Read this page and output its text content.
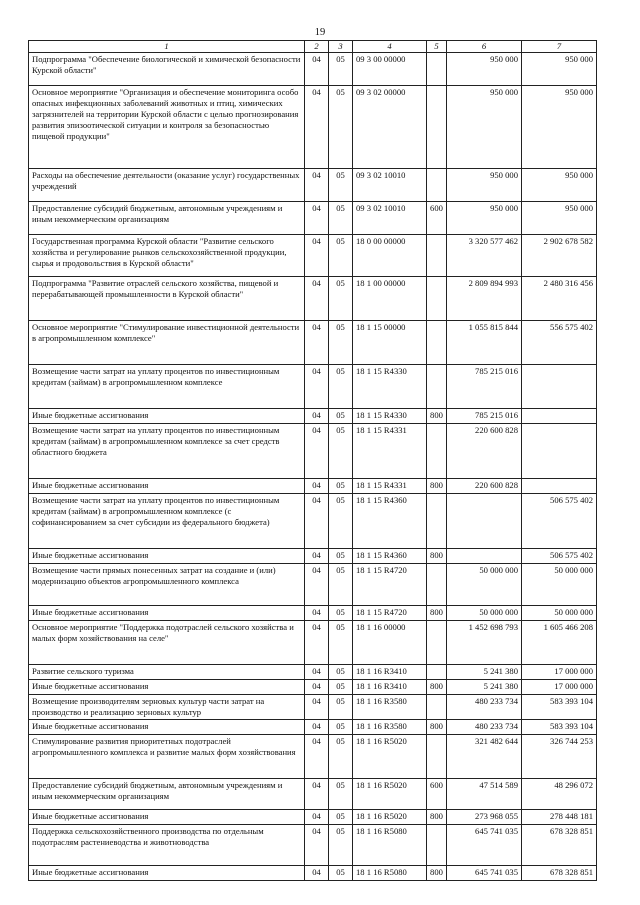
19
1	2	3	4	5	6	7
Подпрограмма "Обеспечение биологической и химической безопасности Курской области"	04	05	09 3 00 00000		950 000	950 000
Основное мероприятие "Организация и обеспечение мониторинга особо опасных инфекционных заболеваний животных и птиц, химических загрязнителей на территории Курской области с целью прогнозирования развития эпизоотической ситуации и контроля за безопасностью пищевой продукции"	04	05	09 3 02 00000		950 000	950 000
Расходы на обеспечение деятельности (оказание услуг) государственных учреждений	04	05	09 3 02 10010		950 000	950 000
Предоставление субсидий бюджетным, автономным учреждениям и иным некоммерческим организациям	04	05	09 3 02 10010	600	950 000	950 000
Государственная программа Курской области "Развитие сельского хозяйства и регулирование рынков сельскохозяйственной продукции, сырья и продовольствия в Курской области"	04	05	18 0 00 00000		3 320 577 462	2 902 678 582
Подпрограмма "Развитие отраслей сельского хозяйства, пищевой и перерабатывающей промышленности в Курской области"	04	05	18 1 00 00000		2 809 894 993	2 480 316 456
Основное мероприятие "Стимулирование инвестиционной деятельности в агропромышленном комплексе"	04	05	18 1 15 00000		1 055 815 844	556 575 402
Возмещение части затрат на уплату процентов по инвестиционным кредитам (займам) в агропромышленном комплексе	04	05	18 1 15 R4330		785 215 016	
Иные бюджетные ассигнования	04	05	18 1 15 R4330	800	785 215 016	
Возмещение части затрат на уплату процентов по инвестиционным кредитам (займам) в агропромышленном комплексе за счет средств областного бюджета	04	05	18 1 15 R4331		220 600 828	
Иные бюджетные ассигнования	04	05	18 1 15 R4331	800	220 600 828	
Возмещение части затрат на уплату процентов по инвестиционным кредитам (займам) в агропромышленном комплексе (с софинансированием за счет субсидии из федерального бюджета)	04	05	18 1 15 R4360			506 575 402
Иные бюджетные ассигнования	04	05	18 1 15 R4360	800		506 575 402
Возмещение части прямых понесенных затрат на создание и (или) модернизацию объектов агропромышленного комплекса	04	05	18 1 15 R4720		50 000 000	50 000 000
Иные бюджетные ассигнования	04	05	18 1 15 R4720	800	50 000 000	50 000 000
Основное мероприятие "Поддержка подотраслей сельского хозяйства и малых форм хозяйствования на селе"	04	05	18 1 16 00000		1 452 698 793	1 605 466 208
Развитие сельского туризма	04	05	18 1 16 R3410		5 241 380	17 000 000
Иные бюджетные ассигнования	04	05	18 1 16 R3410	800	5 241 380	17 000 000
Возмещение производителям зерновых культур части затрат на производство и реализацию зерновых культур	04	05	18 1 16 R3580		480 233 734	583 393 104
Иные бюджетные ассигнования	04	05	18 1 16 R3580	800	480 233 734	583 393 104
Стимулирование развития приоритетных подотраслей агропромышленного комплекса и развитие малых форм хозяйствования	04	05	18 1 16 R5020		321 482 644	326 744 253
Предоставление субсидий бюджетным, автономным учреждениям и иным некоммерческим организациям	04	05	18 1 16 R5020	600	47 514 589	48 296 072
Иные бюджетные ассигнования	04	05	18 1 16 R5020	800	273 968 055	278 448 181
Поддержка сельскохозяйственного производства по отдельным подотраслям растениеводства и животноводства	04	05	18 1 16 R5080		645 741 035	678 328 851
Иные бюджетные ассигнования	04	05	18 1 16 R5080	800	645 741 035	678 328 851
